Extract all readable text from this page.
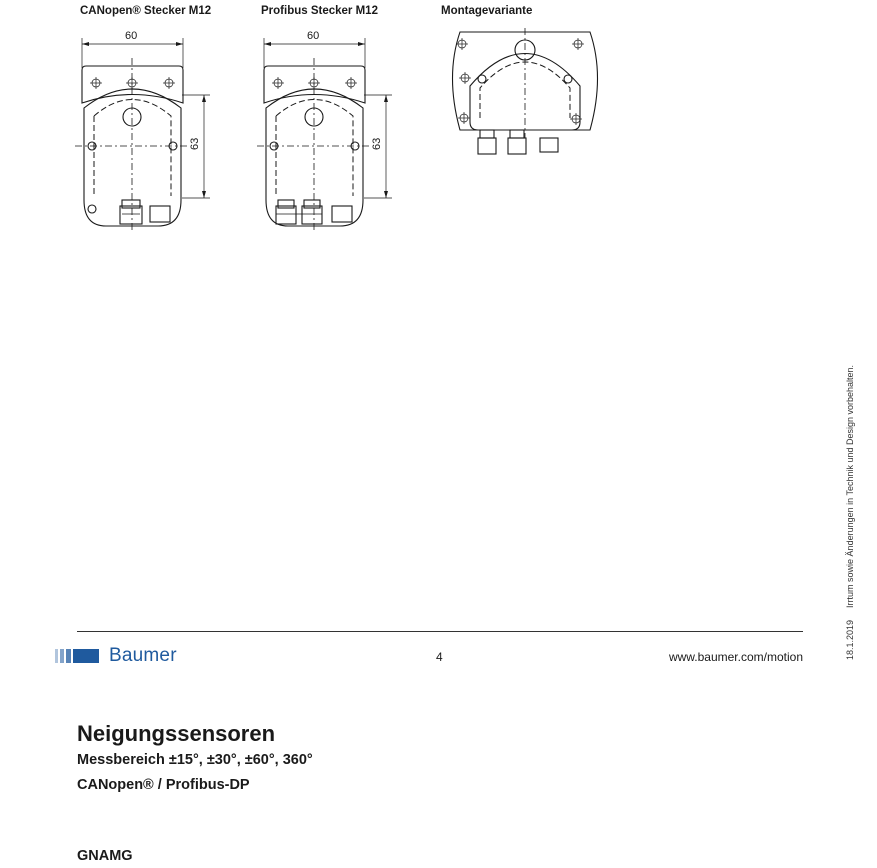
CANopen® Stecker M12	Profibus Stecker M12	Montagevariante
60
63
60
63
Baumer	4	www.baumer.com/motion	18.1.2019Irrtum sowie Änderungen in Technik und Design vorbehalten.
Neigungssensoren
Messbereich ±15°, ±30°, ±60°, 360°
CANopen® / Profibus-DP
GNAMG
